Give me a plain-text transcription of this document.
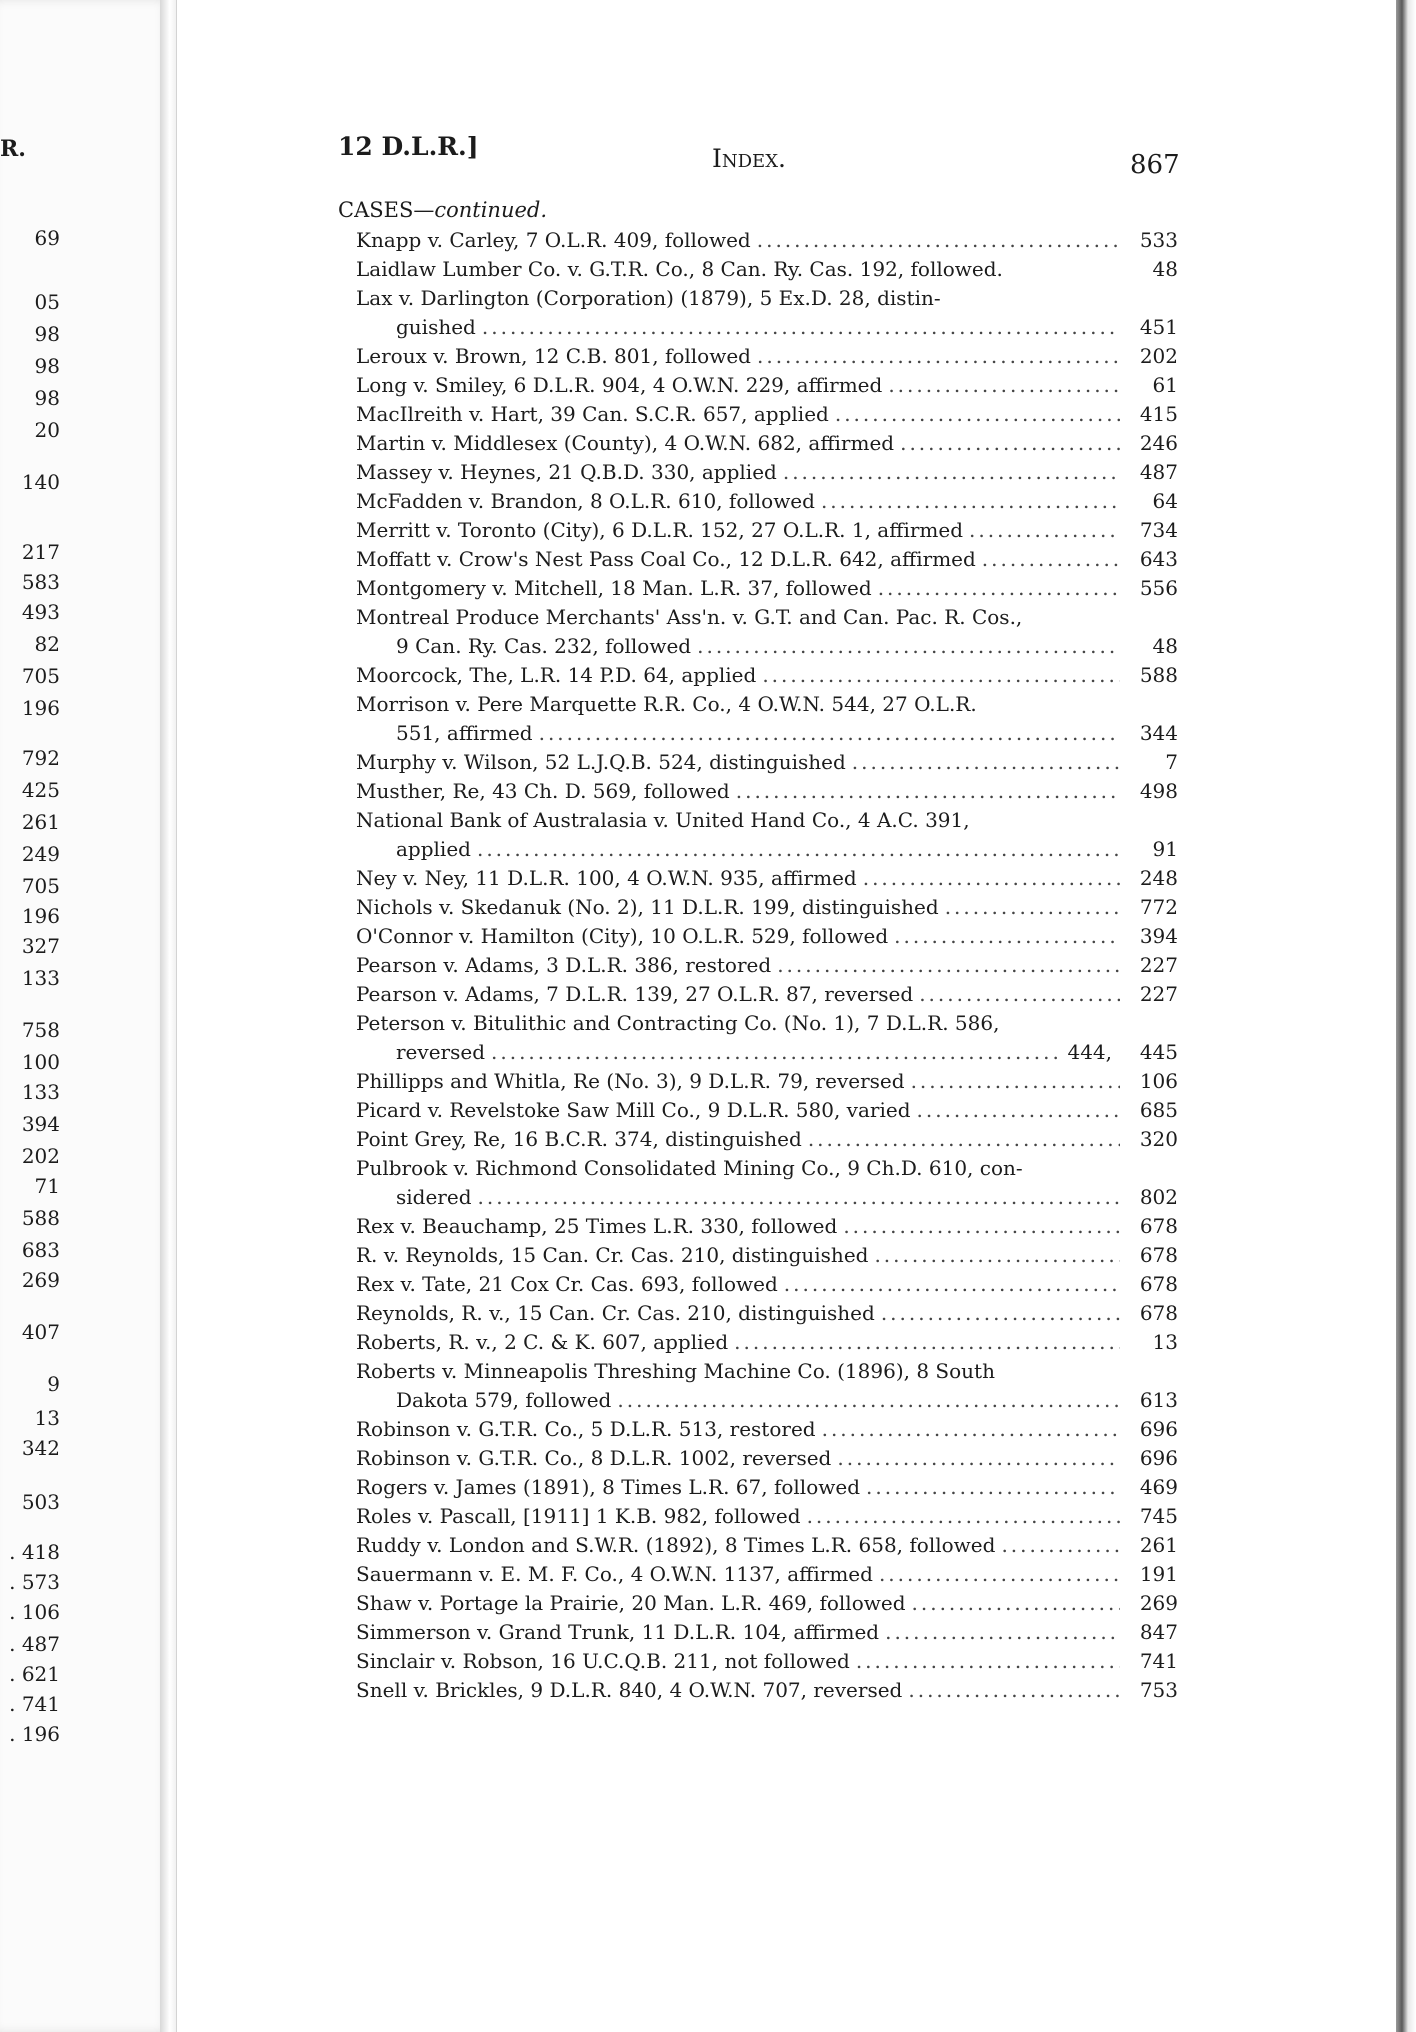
R.
69
05
98
98
98
20
140
217
583
493
82
705
196
792
425
261
249
705
196
327
133
758
100
133
394
202
71
588
683
269
407
9
13
342
503
. 418
. 573
. 106
. 487
. 621
. 741
. 196
12 D.L.R.]	Index.	867
CASES—continued.
Knapp v. Carley, 7 O.L.R. 409, followed .....	533
Laidlaw Lumber Co. v. G.T.R. Co., 8 Can. Ry. Cas. 192, followed.	48
Lax v. Darlington (Corporation) (1879), 5 Ex.D. 28, distin-
guished .....	451
Leroux v. Brown, 12 C.B. 801, followed .....	202
Long v. Smiley, 6 D.L.R. 904, 4 O.W.N. 229, affirmed .....	61
MacIlreith v. Hart, 39 Can. S.C.R. 657, applied .....	415
Martin v. Middlesex (County), 4 O.W.N. 682, affirmed .....	246
Massey v. Heynes, 21 Q.B.D. 330, applied .....	487
McFadden v. Brandon, 8 O.L.R. 610, followed .....	64
Merritt v. Toronto (City), 6 D.L.R. 152, 27 O.L.R. 1, affirmed .....	734
Moffatt v. Crow's Nest Pass Coal Co., 12 D.L.R. 642, affirmed .....	643
Montgomery v. Mitchell, 18 Man. L.R. 37, followed .....	556
Montreal Produce Merchants' Ass'n. v. G.T. and Can. Pac. R. Cos.,
9 Can. Ry. Cas. 232, followed .....	48
Moorcock, The, L.R. 14 P.D. 64, applied .....	588
Morrison v. Pere Marquette R.R. Co., 4 O.W.N. 544, 27 O.L.R.
551, affirmed .....	344
Murphy v. Wilson, 52 L.J.Q.B. 524, distinguished .....	7
Musther, Re, 43 Ch. D. 569, followed .....	498
National Bank of Australasia v. United Hand Co., 4 A.C. 391,
applied .....	91
Ney v. Ney, 11 D.L.R. 100, 4 O.W.N. 935, affirmed .....	248
Nichols v. Skedanuk (No. 2), 11 D.L.R. 199, distinguished .....	772
O'Connor v. Hamilton (City), 10 O.L.R. 529, followed .....	394
Pearson v. Adams, 3 D.L.R. 386, restored .....	227
Pearson v. Adams, 7 D.L.R. 139, 27 O.L.R. 87, reversed .....	227
Peterson v. Bitulithic and Contracting Co. (No. 1), 7 D.L.R. 586,
reversed .....	444,	445
Phillipps and Whitla, Re (No. 3), 9 D.L.R. 79, reversed .....	106
Picard v. Revelstoke Saw Mill Co., 9 D.L.R. 580, varied .....	685
Point Grey, Re, 16 B.C.R. 374, distinguished .....	320
Pulbrook v. Richmond Consolidated Mining Co., 9 Ch.D. 610, con-
sidered .....	802
Rex v. Beauchamp, 25 Times L.R. 330, followed .....	678
R. v. Reynolds, 15 Can. Cr. Cas. 210, distinguished .....	678
Rex v. Tate, 21 Cox Cr. Cas. 693, followed .....	678
Reynolds, R. v., 15 Can. Cr. Cas. 210, distinguished .....	678
Roberts, R. v., 2 C. & K. 607, applied .....	13
Roberts v. Minneapolis Threshing Machine Co. (1896), 8 South
Dakota 579, followed .....	613
Robinson v. G.T.R. Co., 5 D.L.R. 513, restored .....	696
Robinson v. G.T.R. Co., 8 D.L.R. 1002, reversed .....	696
Rogers v. James (1891), 8 Times L.R. 67, followed .....	469
Roles v. Pascall, [1911] 1 K.B. 982, followed .....	745
Ruddy v. London and S.W.R. (1892), 8 Times L.R. 658, followed .....	261
Sauermann v. E. M. F. Co., 4 O.W.N. 1137, affirmed .....	191
Shaw v. Portage la Prairie, 20 Man. L.R. 469, followed .....	269
Simmerson v. Grand Trunk, 11 D.L.R. 104, affirmed .....	847
Sinclair v. Robson, 16 U.C.Q.B. 211, not followed .....	741
Snell v. Brickles, 9 D.L.R. 840, 4 O.W.N. 707, reversed .....	753
